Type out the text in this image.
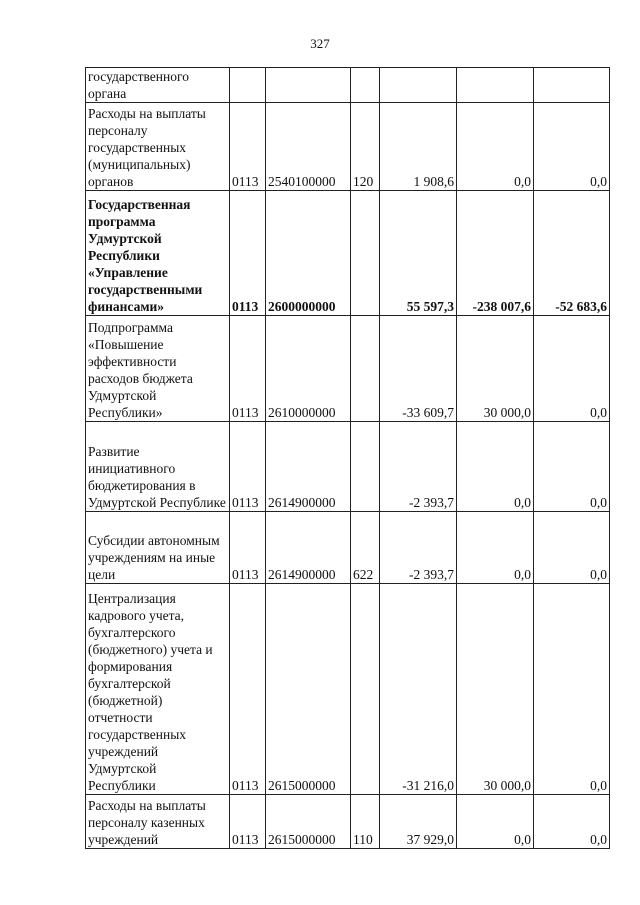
327
государственного органа						
Расходы на выплаты персоналу государственных (муниципальных) органов	0113	2540100000	120	1 908,6	0,0	0,0
Государственная программа Удмуртской Республики «Управление государственными финансами»	0113	2600000000		55 597,3	-238 007,6	-52 683,6
Подпрограмма «Повышение эффективности расходов бюджета Удмуртской Республики»	0113	2610000000		-33 609,7	30 000,0	0,0
Развитие инициативного бюджетирования в Удмуртской Республике	0113	2614900000		-2 393,7	0,0	0,0
Субсидии автономным учреждениям на иные цели	0113	2614900000	622	-2 393,7	0,0	0,0
Централизация кадрового учета, бухгалтерского (бюджетного) учета и формирования бухгалтерской (бюджетной) отчетности государственных учреждений Удмуртской Республики	0113	2615000000		-31 216,0	30 000,0	0,0
Расходы на выплаты персоналу казенных учреждений	0113	2615000000	110	37 929,0	0,0	0,0
